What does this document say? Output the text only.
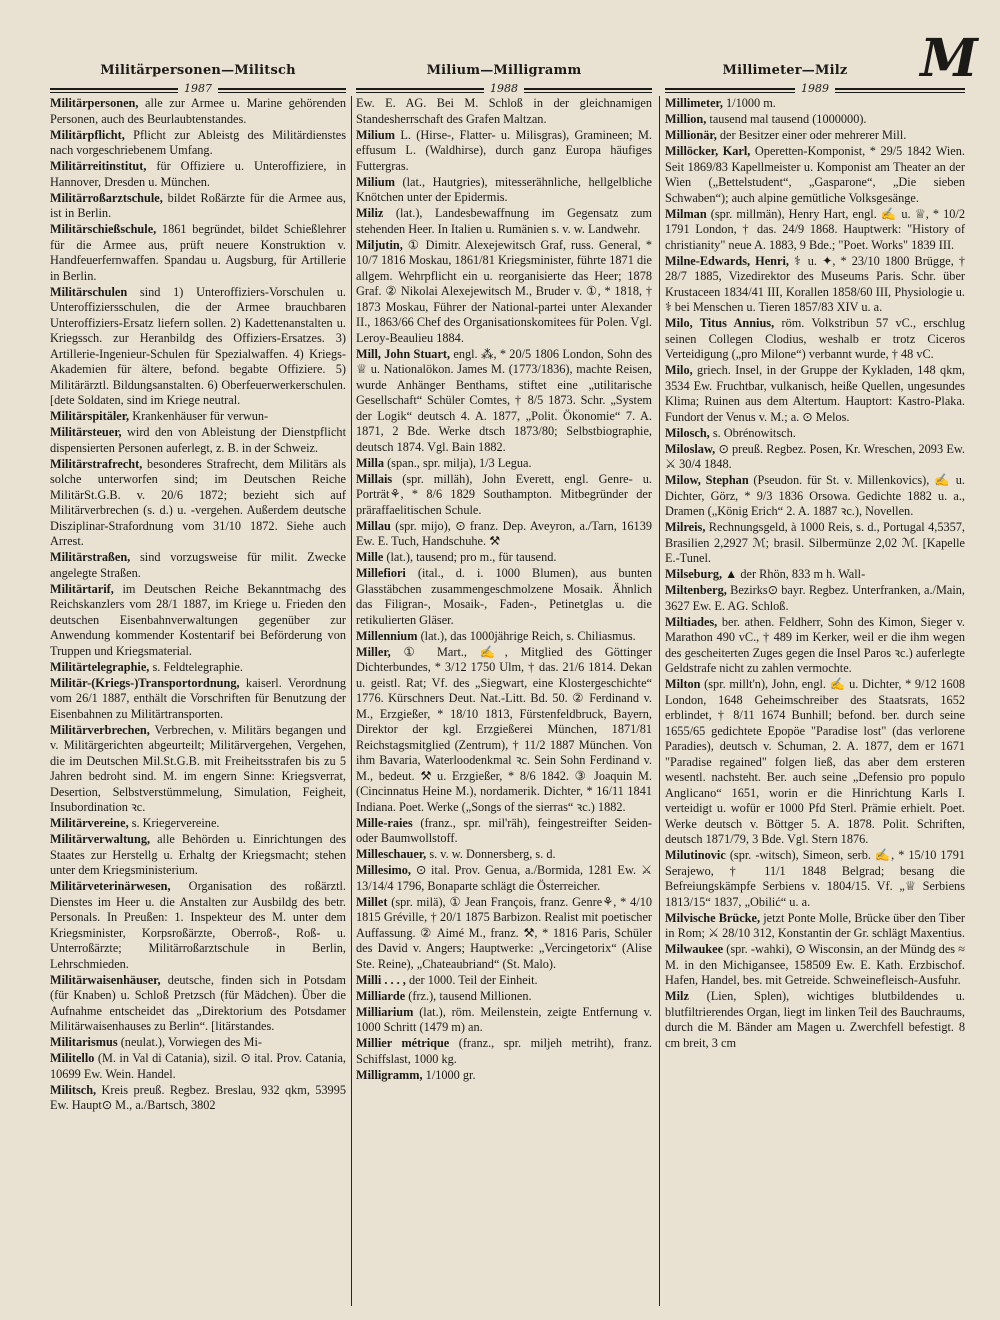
M
Militärpersonen—Militsch	Milium—Milligramm	Millimeter—Milz
1987	1988	1989

Militärpersonen, alle zur Armee u. Marine gehörenden Personen, auch des Beurlaubtenstandes.

Militärpflicht, Pflicht zur Ableistg des Militärdienstes nach vorgeschriebenem Umfang.

Militärreitinstitut, für Offiziere u. Unteroffiziere, in Hannover, Dresden u. München.

Militärroßarztschule, bildet Roßärzte für die Armee aus, ist in Berlin.

Militärschießschule, 1861 begründet, bildet Schießlehrer für die Armee aus, prüft neuere Konstruktion v. Handfeuerfernwaffen. Spandau u. Augsburg, für Artillerie in Berlin.

Militärschulen sind 1) Unteroffiziers-Vorschulen u. Unteroffiziersschulen, die der Armee brauchbaren Unteroffiziers-Ersatz liefern sollen. 2) Kadettenanstalten u. Kriegssch. zur Heranbildg des Offiziers-Ersatzes. 3) Artillerie-Ingenieur-Schulen für Spezialwaffen. 4) Kriegs-Akademien für ältere, befond. begabte Offiziere. 5) Militärärztl. Bildungsanstalten. 6) Oberfeuerwerkerschulen. [dete Soldaten, sind im Kriege neutral.

Militärspitäler, Krankenhäuser für verwun-

Militärsteuer, wird den von Ableistung der Dienstpflicht dispensierten Personen auferlegt, z. B. in der Schweiz.

Militärstrafrecht, besonderes Strafrecht, dem Militärs als solche unterworfen sind; im Deutschen Reiche MilitärSt.G.B. v. 20/6 1872; bezieht sich auf Militärverbrechen (s. d.) u. -vergehen. Außerdem deutsche Disziplinar-Strafordnung vom 31/10 1872. Siehe auch Arrest.

Militärstraßen, sind vorzugsweise für milit. Zwecke angelegte Straßen.

Militärtarif, im Deutschen Reiche Bekanntmachg des Reichskanzlers vom 28/1 1887, im Kriege u. Frieden den deutschen Eisenbahnverwaltungen gegenüber zur Anwendung kommender Kostentarif bei Beförderung von Truppen und Kriegsmaterial.

Militärtelegraphie, s. Feldtelegraphie.

Militär-(Kriegs-)Transportordnung, kaiserl. Verordnung vom 26/1 1887, enthält die Vorschriften für Benutzung der Eisenbahnen zu Militärtransporten.

Militärverbrechen, Verbrechen, v. Militärs begangen und v. Militärgerichten abgeurteilt; Militärvergehen, Vergehen, die im Deutschen Mil.St.G.B. mit Freiheitsstrafen bis zu 5 Jahren bedroht sind. M. im engern Sinne: Kriegsverrat, Desertion, Selbstverstümmelung, Simulation, Feigheit, Insubordination ꝛc.

Militärvereine, s. Kriegervereine.

Militärverwaltung, alle Behörden u. Einrichtungen des Staates zur Herstellg u. Erhaltg der Kriegsmacht; stehen unter dem Kriegsministerium.

Militärveterinärwesen, Organisation des roßärztl. Dienstes im Heer u. die Anstalten zur Ausbildg des betr. Personals. In Preußen: 1. Inspekteur des M. unter dem Kriegsminister, Korpsroßärzte, Oberroß-, Roß- u. Unterroßärzte; Militärroßarztschule in Berlin, Lehrschmieden.

Militärwaisenhäuser, deutsche, finden sich in Potsdam (für Knaben) u. Schloß Pretzsch (für Mädchen). Über die Aufnahme entscheidet das „Direktorium des Potsdamer Militärwaisenhauses zu Berlin“. [litärstandes.

Militarismus (neulat.), Vorwiegen des Mi-

Militello (M. in Val di Catania), sizil. ⊙ ital. Prov. Catania, 10699 Ew. Wein. Handel.

Militsch, Kreis preuß. Regbez. Breslau, 932 qkm, 53995 Ew. Haupt⊙ M., a./Bartsch, 3802

Ew. E. AG. Bei M. Schloß in der gleichnamigen Standesherrschaft des Grafen Maltzan.

Milium L. (Hirse-, Flatter- u. Milisgras), Gramineen; M. effusum L. (Waldhirse), durch ganz Europa häufiges Futtergras.

Milium (lat., Hautgries), mitesserähnliche, hellgelbliche Knötchen unter der Epidermis.

Miliz (lat.), Landesbewaffnung im Gegensatz zum stehenden Heer. In Italien u. Rumänien s. v. w. Landwehr.

Miljutin, ① Dimitr. Alexejewitsch Graf, russ. General, * 10/7 1816 Moskau, 1861/81 Kriegsminister, führte 1871 die allgem. Wehrpflicht ein u. reorganisierte das Heer; 1878 Graf. ② Nikolai Alexejewitsch M., Bruder v. ①, * 1818, † 1873 Moskau, Führer der National-partei unter Alexander II., 1863/66 Chef des Organisationskomitees für Polen. Vgl. Leroy-Beaulieu 1884.

Mill, John Stuart, engl. ⁂, * 20/5 1806 London, Sohn des ♕ u. Nationalökon. James M. (1773/1836), machte Reisen, wurde Anhänger Benthams, stiftet eine „utilitarische Gesellschaft“ Schüler Comtes, † 8/5 1873. Schr. „System der Logik“ deutsch 4. A. 1877, „Polit. Ökonomie“ 7. A. 1871, 2 Bde. Werke dtsch 1873/80; Selbstbiographie, deutsch 1874. Vgl. Bain 1882.

Milla (span., spr. milja), 1/3 Legua.

Millais (spr. milläh), John Everett, engl. Genre- u. Porträt⚘, * 8/6 1829 Southampton. Mitbegründer der präraffaelitischen Schule.

Millau (spr. mijo), ⊙ franz. Dep. Aveyron, a./Tarn, 16139 Ew. E. Tuch, Handschuhe. ⚒

Mille (lat.), tausend; pro m., für tausend.

Millefiori (ital., d. i. 1000 Blumen), aus bunten Glasstäbchen zusammengeschmolzene Mosaik. Ähnlich das Filigran-, Mosaik-, Faden-, Petinetglas u. die retikulierten Gläser.

Millennium (lat.), das 1000jährige Reich, s. Chiliasmus.

Miller, ① Mart., ✍, Mitglied des Göttinger Dichterbundes, * 3/12 1750 Ulm, † das. 21/6 1814. Dekan u. geistl. Rat; Vf. des „Siegwart, eine Klostergeschichte“ 1776. Kürschners Deut. Nat.-Litt. Bd. 50. ② Ferdinand v. M., Erzgießer, * 18/10 1813, Fürstenfeldbruck, Bayern, Direktor der kgl. Erzgießerei München, 1871/81 Reichstagsmitglied (Zentrum), † 11/2 1887 München. Von ihm Bavaria, Waterloodenkmal ꝛc. Sein Sohn Ferdinand v. M., bedeut. ⚒ u. Erzgießer, * 8/6 1842. ③ Joaquin M. (Cincinnatus Heine M.), nordamerik. Dichter, * 16/11 1841 Indiana. Poet. Werke („Songs of the sierras“ ꝛc.) 1882.

Mille-raies (franz., spr. mil'räh), feingestreifter Seiden- oder Baumwollstoff.

Milleschauer, s. v. w. Donnersberg, s. d.

Millesimo, ⊙ ital. Prov. Genua, a./Bormida, 1281 Ew. ⚔ 13/14/4 1796, Bonaparte schlägt die Österreicher.

Millet (spr. milä), ① Jean François, franz. Genre⚘, * 4/10 1815 Gréville, † 20/1 1875 Barbizon. Realist mit poetischer Auffassung. ② Aimé M., franz. ⚒, * 1816 Paris, Schüler des David v. Angers; Hauptwerke: „Vercingetorix“ (Alise Ste. Reine), „Chateaubriand“ (St. Malo).

Milli . . . , der 1000. Teil der Einheit.

Milliarde (frz.), tausend Millionen.

Milliarium (lat.), röm. Meilenstein, zeigte Entfernung v. 1000 Schritt (1479 m) an.

Millier métrique (franz., spr. miljeh metriht), franz. Schiffslast, 1000 kg.

Milligramm, 1/1000 gr.

Millimeter, 1/1000 m.

Million, tausend mal tausend (1000000).

Millionär, der Besitzer einer oder mehrerer Mill.

Millöcker, Karl, Operetten-Komponist, * 29/5 1842 Wien. Seit 1869/83 Kapellmeister u. Komponist am Theater an der Wien („Bettelstudent“, „Gasparone“, „Die sieben Schwaben“); auch alpine gemütliche Volksgesänge.

Milman (spr. millmän), Henry Hart, engl. ✍ u. ♕, * 10/2 1791 London, † das. 24/9 1868. Hauptwerk: "History of christianity" neue A. 1883, 9 Bde.; "Poet. Works" 1839 III.

Milne-Edwards, Henri, ⚕ u. ✦, * 23/10 1800 Brügge, † 28/7 1885, Vizedirektor des Museums Paris. Schr. über Krustaceen 1834/41 III, Korallen 1858/60 III, Physiologie u. ⚕ bei Menschen u. Tieren 1857/83 XIV u. a.

Milo, Titus Annius, röm. Volkstribun 57 vC., erschlug seinen Collegen Clodius, weshalb er trotz Ciceros Verteidigung („pro Milone“) verbannt wurde, † 48 vC.

Milo, griech. Insel, in der Gruppe der Kykladen, 148 qkm, 3534 Ew. Fruchtbar, vulkanisch, heiße Quellen, ungesundes Klima; Ruinen aus dem Altertum. Hauptort: Kastro-Plaka. Fundort der Venus v. M.; a. ⊙ Melos.

Milosch, s. Obrénowitsch.

Miloslaw, ⊙ preuß. Regbez. Posen, Kr. Wreschen, 2093 Ew. ⚔ 30/4 1848.

Milow, Stephan (Pseudon. für St. v. Millenkovics), ✍ u. Dichter, Görz, * 9/3 1836 Orsowa. Gedichte 1882 u. a., Dramen („König Erich“ 2. A. 1887 ꝛc.), Novellen.

Milreis, Rechnungsgeld, à 1000 Reis, s. d., Portugal 4,5357, Brasilien 2,2927 ℳ; brasil. Silbermünze 2,02 ℳ. [Kapelle E.-Tunel.

Milseburg, ▲ der Rhön, 833 m h. Wall-

Miltenberg, Bezirks⊙ bayr. Regbez. Unterfranken, a./Main, 3627 Ew. E. AG. Schloß.

Miltiades, ber. athen. Feldherr, Sohn des Kimon, Sieger v. Marathon 490 vC., † 489 im Kerker, weil er die ihm wegen des gescheiterten Zuges gegen die Insel Paros ꝛc.) auferlegte Geldstrafe nicht zu zahlen vermochte.

Milton (spr. millt'n), John, engl. ✍ u. Dichter, * 9/12 1608 London, 1648 Geheimschreiber des Staatsrats, 1652 erblindet, † 8/11 1674 Bunhill; befond. ber. durch seine 1655/65 gedichtete Epopöe "Paradise lost" (das verlorene Paradies), deutsch v. Schuman, 2. A. 1877, dem er 1671 "Paradise regained" folgen ließ, das aber dem ersteren wesentl. nachsteht. Ber. auch seine „Defensio pro populo Anglicano“ 1651, worin er die Hinrichtung Karls I. verteidigt u. wofür er 1000 Pfd Sterl. Prämie erhielt. Poet. Werke deutsch v. Böttger 5. A. 1878. Polit. Schriften, deutsch 1871/79, 3 Bde. Vgl. Stern 1876.

Milutinovic (spr. -witsch), Simeon, serb. ✍, * 15/10 1791 Serajewo, † 11/1 1848 Belgrad; besang die Befreiungskämpfe Serbiens v. 1804/15. Vf. „♕ Serbiens 1813/15“ 1837, „Obilić“ u. a.

Milvische Brücke, jetzt Ponte Molle, Brücke über den Tiber in Rom; ⚔ 28/10 312, Konstantin der Gr. schlägt Maxentius.

Milwaukee (spr. -wahki), ⊙ Wisconsin, an der Mündg des ≈ M. in den Michigansee, 158509 Ew. E. Kath. Erzbischof. Hafen, Handel, bes. mit Getreide. Schweinefleisch-Ausfuhr.

Milz (Lien, Splen), wichtiges blutbildendes u. blutfiltrierendes Organ, liegt im linken Teil des Bauchraums, durch die M. Bänder am Magen u. Zwerchfell befestigt. 8 cm breit, 3 cm
